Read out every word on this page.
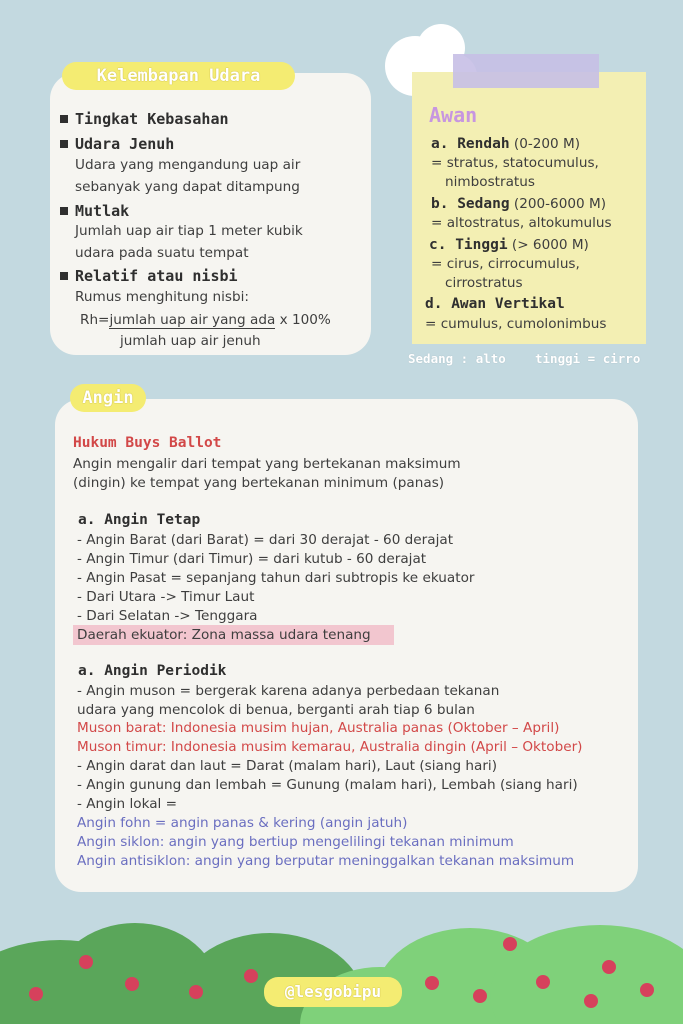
Kelembapan Udara
Tingkat Kebasahan
Udara Jenuh
Udara yang mengandung uap air
sebanyak yang dapat ditampung
Mutlak
Jumlah uap air tiap 1 meter kubik
udara pada suatu tempat
Relatif atau nisbi
Rumus menghitung nisbi:
Rh=jumlah uap air yang ada x 100%
jumlah uap air jenuh
Awan
a. Rendah (0-200 M)
= stratus, statocumulus,
nimbostratus
b. Sedang (200-6000 M)
= altostratus, altokumulus
c. Tinggi (> 6000 M)
= cirus, cirrocumulus,
cirrostratus
d. Awan Vertikal
= cumulus, cumolonimbus
Sedang : alto tinggi = cirro
Angin
Hukum Buys Ballot
Angin mengalir dari tempat yang bertekanan maksimum
(dingin) ke tempat yang bertekanan minimum (panas)
a. Angin Tetap
- Angin Barat (dari Barat) = dari 30 derajat - 60 derajat
- Angin Timur (dari Timur) = dari kutub - 60 derajat
- Angin Pasat = sepanjang tahun dari subtropis ke ekuator
- Dari Utara -> Timur Laut
- Dari Selatan -> Tenggara
Daerah ekuator: Zona massa udara tenang
a. Angin Periodik
- Angin muson = bergerak karena adanya perbedaan tekanan
udara yang mencolok di benua, berganti arah tiap 6 bulan
Muson barat: Indonesia musim hujan, Australia panas (Oktober – April)
Muson timur: Indonesia musim kemarau, Australia dingin (April – Oktober)
- Angin darat dan laut = Darat (malam hari), Laut (siang hari)
- Angin gunung dan lembah = Gunung (malam hari), Lembah (siang hari)
- Angin lokal =
Angin fohn = angin panas & kering (angin jatuh)
Angin siklon: angin yang bertiup mengelilingi tekanan minimum
Angin antisiklon: angin yang berputar meninggalkan tekanan maksimum
@lesgobipu
